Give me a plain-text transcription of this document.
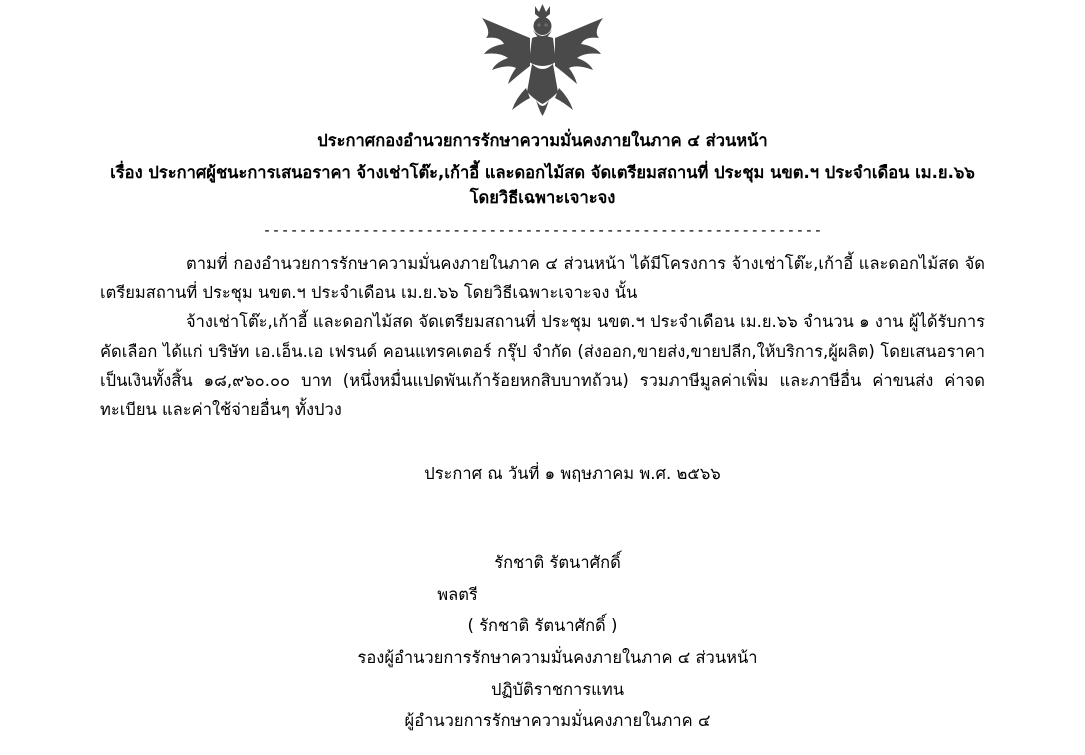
ประกาศกองอำนวยการรักษาความมั่นคงภายในภาค ๔ ส่วนหน้า
เรื่อง ประกาศผู้ชนะการเสนอราคา จ้างเช่าโต๊ะ,เก้าอี้ และดอกไม้สด จัดเตรียมสถานที่ ประชุม นขต.ฯ ประจำเดือน เม.ย.๖๖ โดยวิธีเฉพาะเจาะจง
--------------------------------------------------------------

ตามที่ กองอำนวยการรักษาความมั่นคงภายในภาค ๔ ส่วนหน้า ได้มีโครงการ จ้างเช่าโต๊ะ,เก้าอี้ และดอกไม้สด จัดเตรียมสถานที่ ประชุม นขต.ฯ ประจำเดือน เม.ย.๖๖ โดยวิธีเฉพาะเจาะจง นั้น

จ้างเช่าโต๊ะ,เก้าอี้ และดอกไม้สด จัดเตรียมสถานที่ ประชุม นขต.ฯ ประจำเดือน เม.ย.๖๖ จำนวน ๑ งาน ผู้ได้รับการคัดเลือก ได้แก่ บริษัท เอ.เอ็น.เอ เฟรนด์ คอนแทรคเตอร์ กรุ๊ป จำกัด (ส่งออก,ขายส่ง,ขายปลีก,ให้บริการ,ผู้ผลิต) โดยเสนอราคา เป็นเงินทั้งสิ้น ๑๘,๙๖๐.๐๐ บาท (หนึ่งหมื่นแปดพันเก้าร้อยหกสิบบาทถ้วน) รวมภาษีมูลค่าเพิ่ม และภาษีอื่น ค่าขนส่ง ค่าจดทะเบียน และค่าใช้จ่ายอื่นๆ ทั้งปวง

ประกาศ ณ วันที่ ๑ พฤษภาคม พ.ศ. ๒๕๖๖
รักชาติ รัตนาศักดิ์
พลตรี
( รักชาติ รัตนาศักดิ์ )
รองผู้อำนวยการรักษาความมั่นคงภายในภาค ๔ ส่วนหน้า
ปฏิบัติราชการแทน
ผู้อำนวยการรักษาความมั่นคงภายในภาค ๔
